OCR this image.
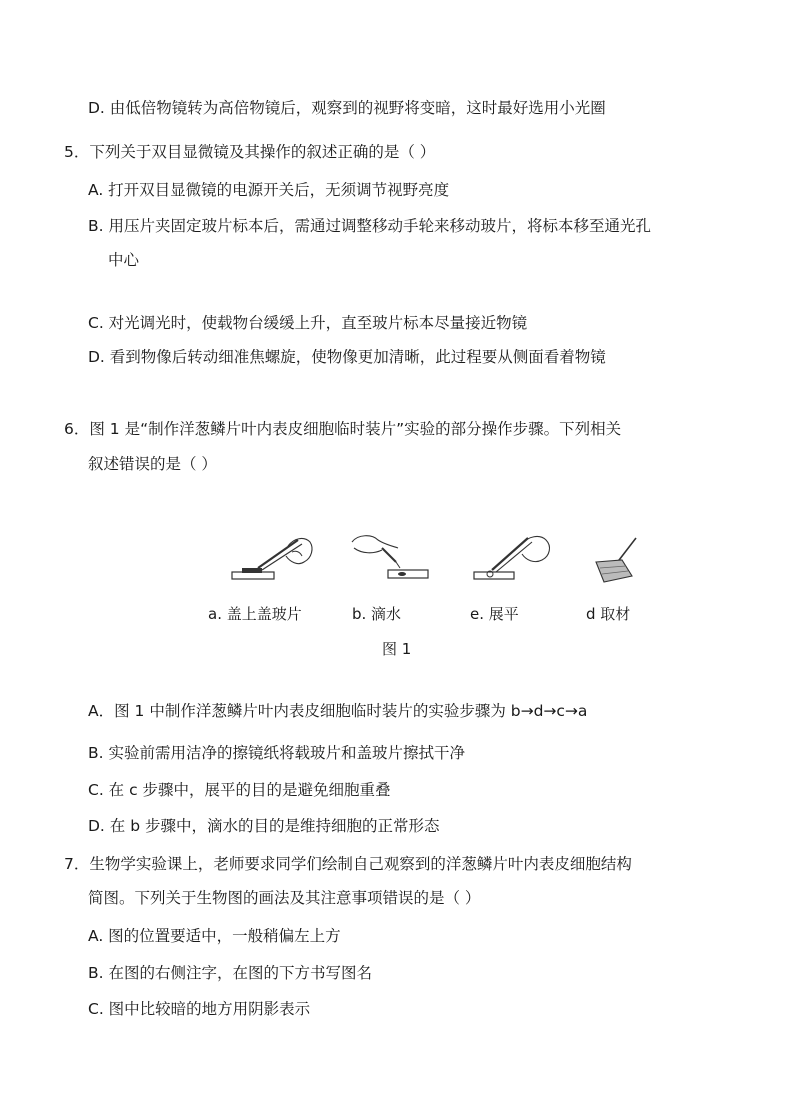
D. 由低倍物镜转为高倍物镜后，观察到的视野将变暗，这时最好选用小光圈
5．下列关于双目显微镜及其操作的叙述正确的是（ ）
A. 打开双目显微镜的电源开关后，无须调节视野亮度
B. 用压片夹固定玻片标本后，需通过调整移动手轮来移动玻片，将标本移至通光孔
中心
C. 对光调光时，使载物台缓缓上升，直至玻片标本尽量接近物镜
D. 看到物像后转动细准焦螺旋，使物像更加清晰，此过程要从侧面看着物镜
6．图 1 是“制作洋葱鳞片叶内表皮细胞临时装片”实验的部分操作步骤。下列相关
叙述错误的是（ ）
a. 盖上盖玻片	b. 滴水	e. 展平	d 取材
图 1
A．图 1 中制作洋葱鳞片叶内表皮细胞临时装片的实验步骤为 b→d→c→a
B. 实验前需用洁净的擦镜纸将载玻片和盖玻片擦拭干净
C. 在 c 步骤中，展平的目的是避免细胞重叠
D. 在 b 步骤中，滴水的目的是维持细胞的正常形态
7．生物学实验课上，老师要求同学们绘制自己观察到的洋葱鳞片叶内表皮细胞结构
简图。下列关于生物图的画法及其注意事项错误的是（ ）
A. 图的位置要适中，一般稍偏左上方
B. 在图的右侧注字，在图的下方书写图名
C. 图中比较暗的地方用阴影表示
